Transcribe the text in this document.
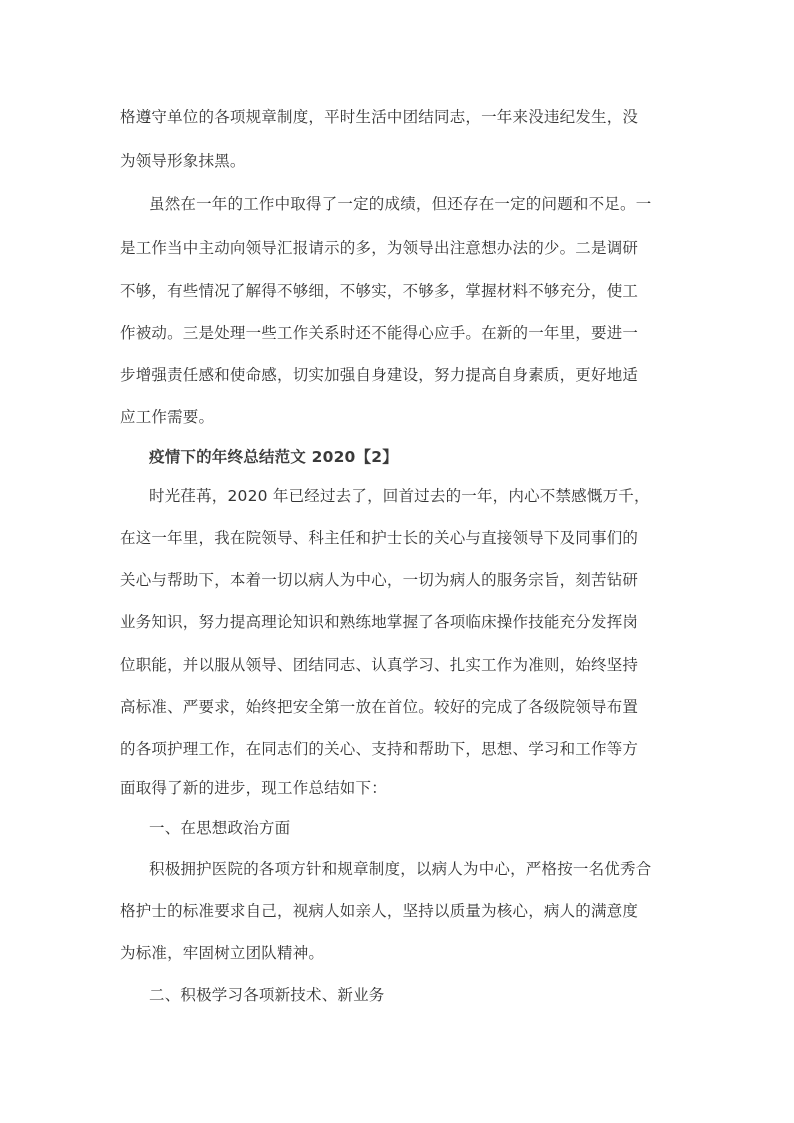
格遵守单位的各项规章制度，平时生活中团结同志，一年来没违纪发生，没
为领导形象抹黑。
虽然在一年的工作中取得了一定的成绩，但还存在一定的问题和不足。一
是工作当中主动向领导汇报请示的多，为领导出注意想办法的少。二是调研
不够，有些情况了解得不够细，不够实，不够多，掌握材料不够充分，使工
作被动。三是处理一些工作关系时还不能得心应手。在新的一年里，要进一
步增强责任感和使命感，切实加强自身建设，努力提高自身素质，更好地适
应工作需要。
疫情下的年终总结范文 2020【2】
时光荏苒，2020 年已经过去了，回首过去的一年，内心不禁感慨万千，
在这一年里，我在院领导、科主任和护士长的关心与直接领导下及同事们的
关心与帮助下，本着一切以病人为中心，一切为病人的服务宗旨，刻苦钻研
业务知识，努力提高理论知识和熟练地掌握了各项临床操作技能充分发挥岗
位职能，并以服从领导、团结同志、认真学习、扎实工作为准则，始终坚持
高标准、严要求，始终把安全第一放在首位。较好的完成了各级院领导布置
的各项护理工作，在同志们的关心、支持和帮助下，思想、学习和工作等方
面取得了新的进步，现工作总结如下：
一、在思想政治方面
积极拥护医院的各项方针和规章制度，以病人为中心，严格按一名优秀合
格护士的标准要求自己，视病人如亲人，坚持以质量为核心，病人的满意度
为标准，牢固树立团队精神。
二、积极学习各项新技术、新业务
